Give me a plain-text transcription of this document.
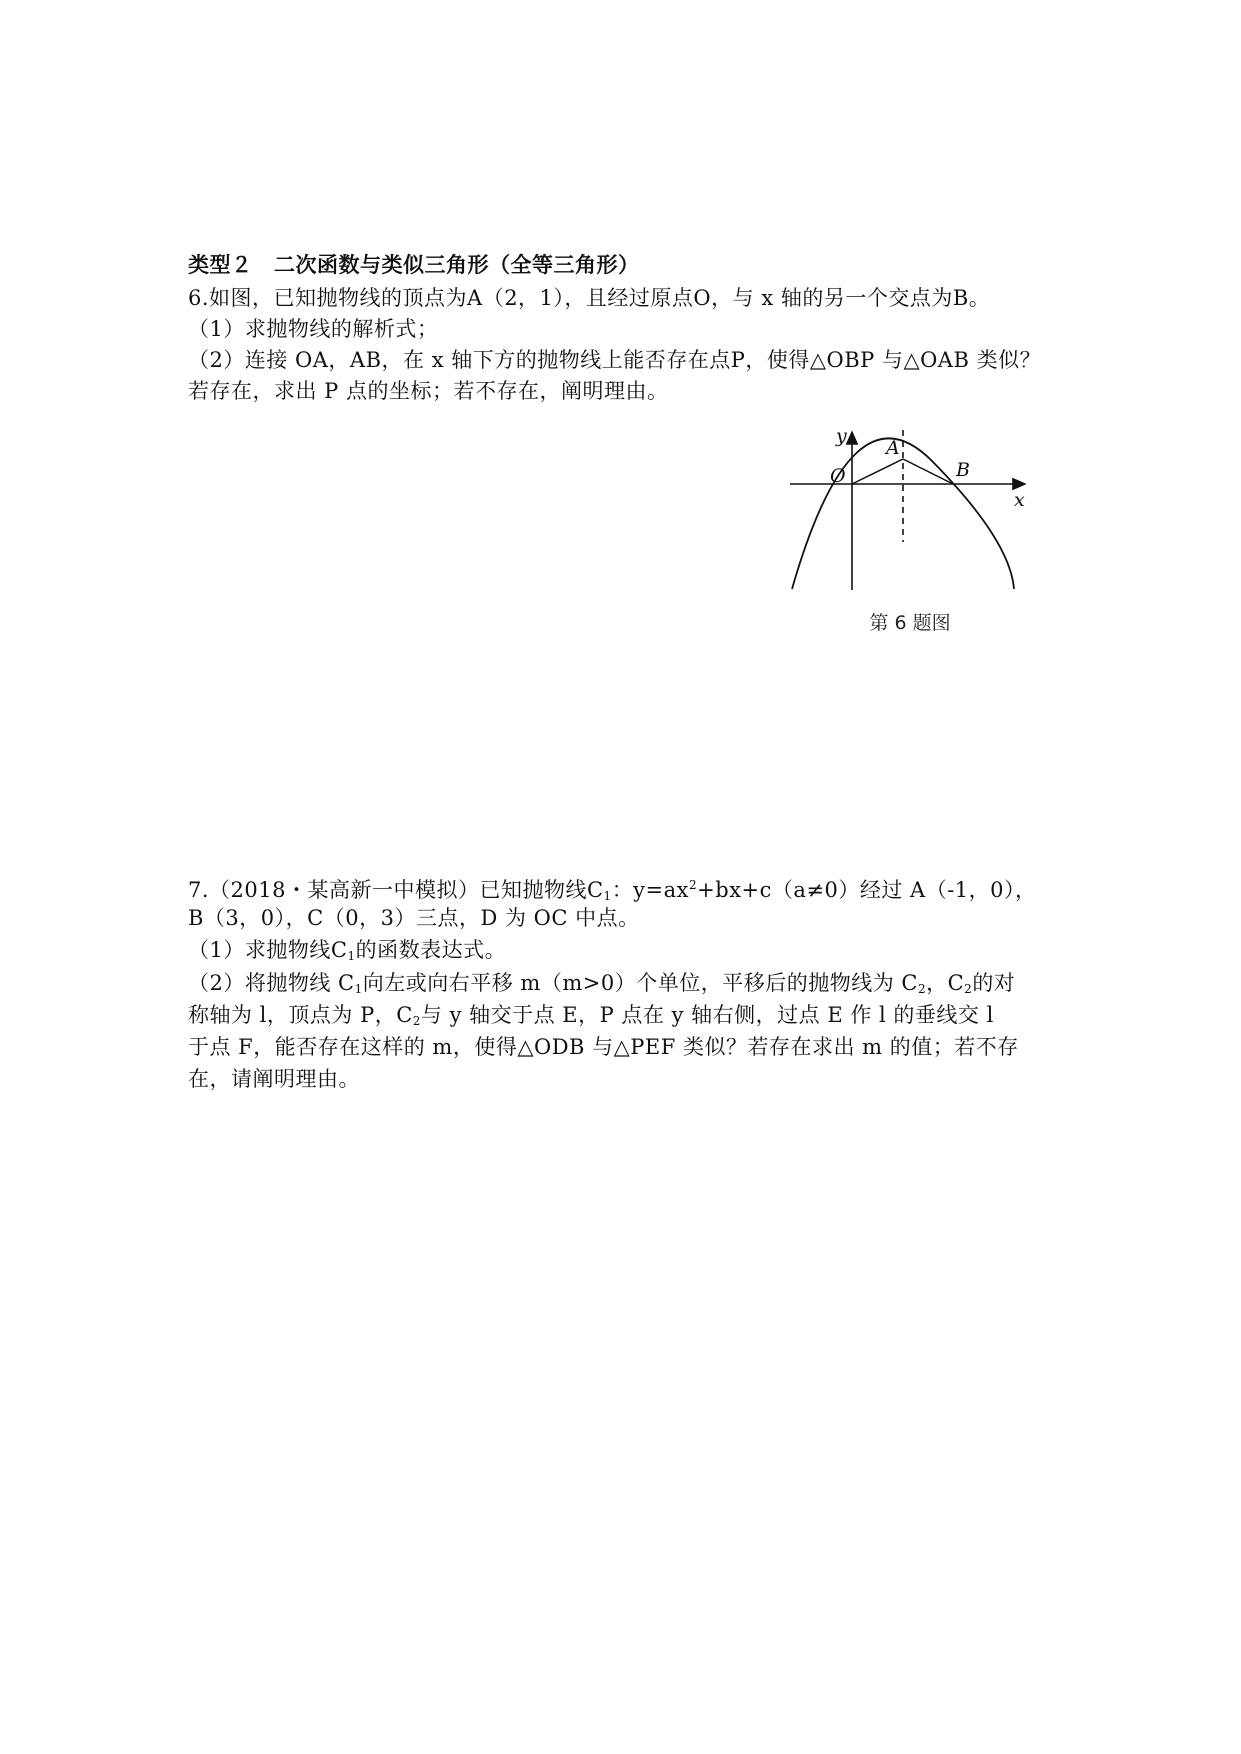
类型２　二次函数与类似三角形（全等三角形）
6.如图，已知抛物线的顶点为A（2，1），且经过原点O，与 x 轴的另一个交点为B。
（1）求抛物线的解析式；
（2）连接 OA，AB，在 x 轴下方的抛物线上能否存在点P，使得△OBP 与△OAB 类似？
若存在，求出 P 点的坐标；若不存在，阐明理由。
y
x
O
A
B
第 6 题图
7.（2018・某高新一中模拟）已知抛物线$C_1$：$y=ax^2+bx+c(a\ne 0)$经过 A（-1，0），
B（3，0），C（0，3）三点，D 为 OC 中点。
（1）求抛物线$C_1$的函数表达式。
（2）将抛物线 $C_1$向左或向右平移 m（m>0）个单位，平移后的抛物线为 $C_2$，$C_2$的对
称轴为 l，顶点为 P，$C_2$与 y 轴交于点 E，P 点在 y 轴右侧，过点 E 作 l 的垂线交 l
于点 F，能否存在这样的 m，使得△ODB 与△PEF 类似？若存在求出 m 的值；若不存
在，请阐明理由。
